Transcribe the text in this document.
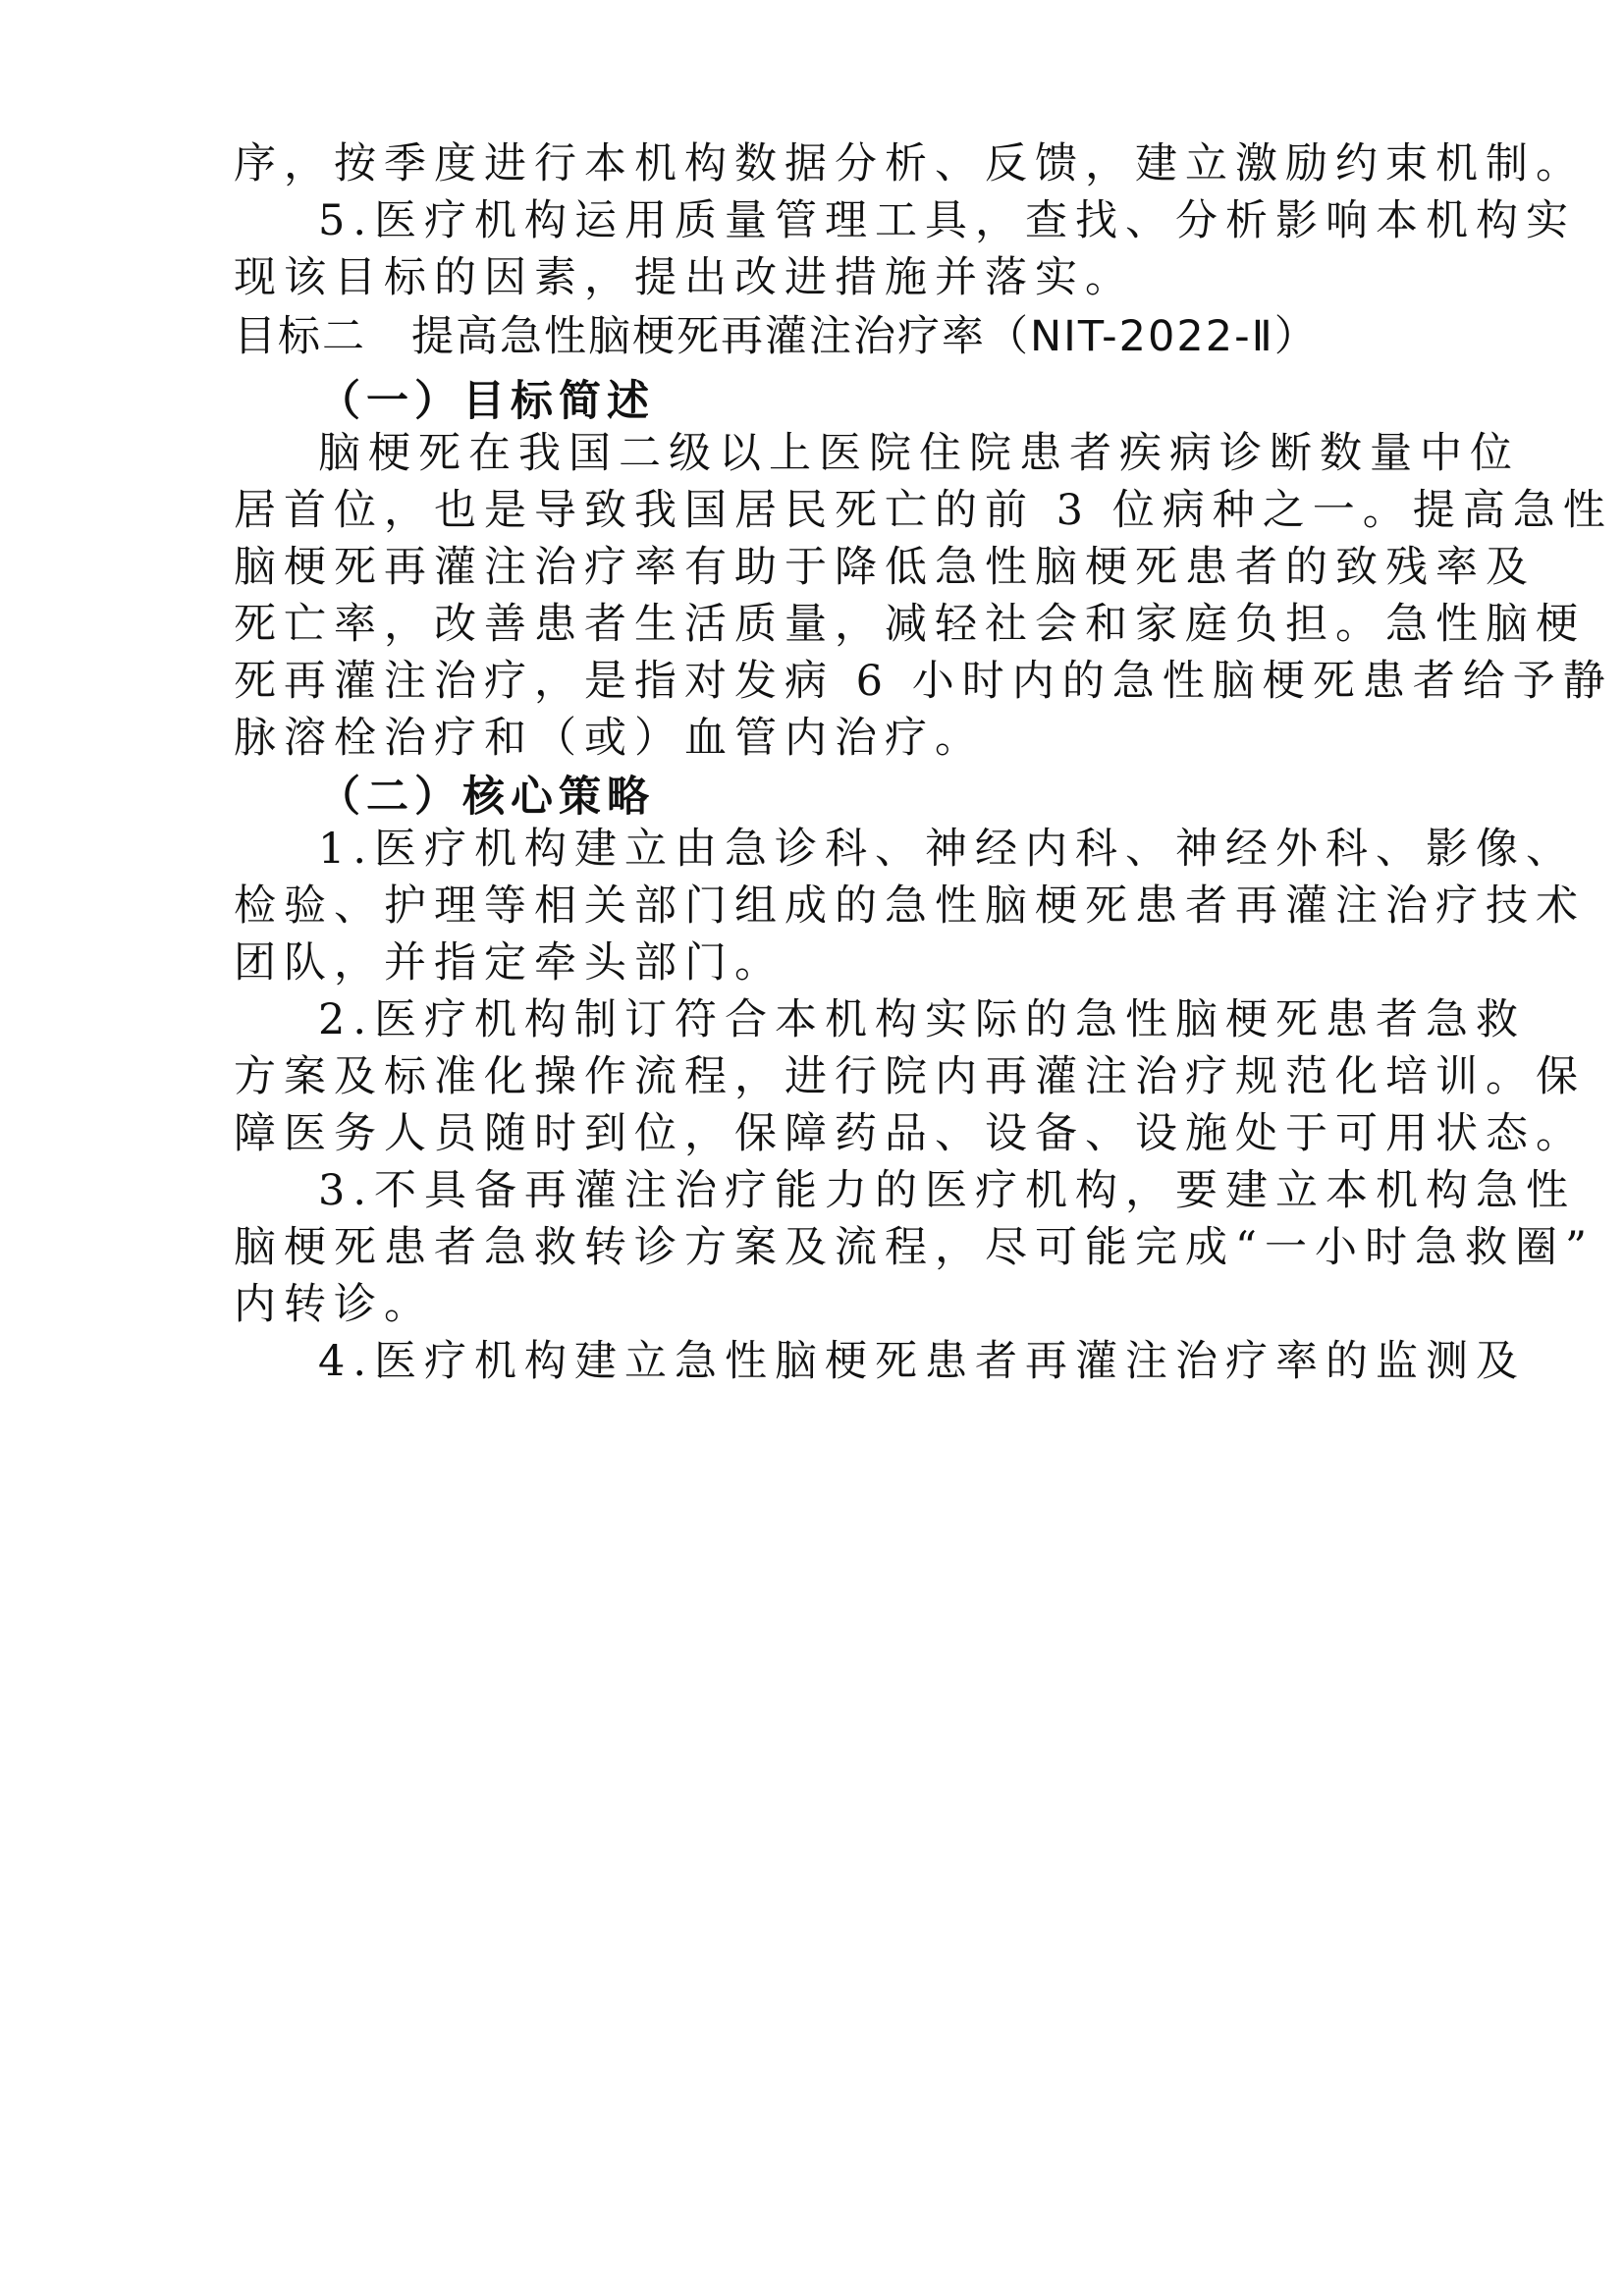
序，按季度进行本机构数据分析、反馈，建立激励约束机制。
5.医疗机构运用质量管理工具，查找、分析影响本机构实
现该目标的因素，提出改进措施并落实。
目标二 提高急性脑梗死再灌注治疗率（NIT-2022-Ⅱ）
（一）目标简述
脑梗死在我国二级以上医院住院患者疾病诊断数量中位
居首位，也是导致我国居民死亡的前 3 位病种之一。提高急性
脑梗死再灌注治疗率有助于降低急性脑梗死患者的致残率及
死亡率，改善患者生活质量，减轻社会和家庭负担。急性脑梗
死再灌注治疗，是指对发病 6 小时内的急性脑梗死患者给予静
脉溶栓治疗和（或）血管内治疗。
（二）核心策略
1.医疗机构建立由急诊科、神经内科、神经外科、影像、
检验、护理等相关部门组成的急性脑梗死患者再灌注治疗技术
团队，并指定牵头部门。
2.医疗机构制订符合本机构实际的急性脑梗死患者急救
方案及标准化操作流程，进行院内再灌注治疗规范化培训。保
障医务人员随时到位，保障药品、设备、设施处于可用状态。
3.不具备再灌注治疗能力的医疗机构，要建立本机构急性
脑梗死患者急救转诊方案及流程，尽可能完成“一小时急救圈”
内转诊。
4.医疗机构建立急性脑梗死患者再灌注治疗率的监测及
